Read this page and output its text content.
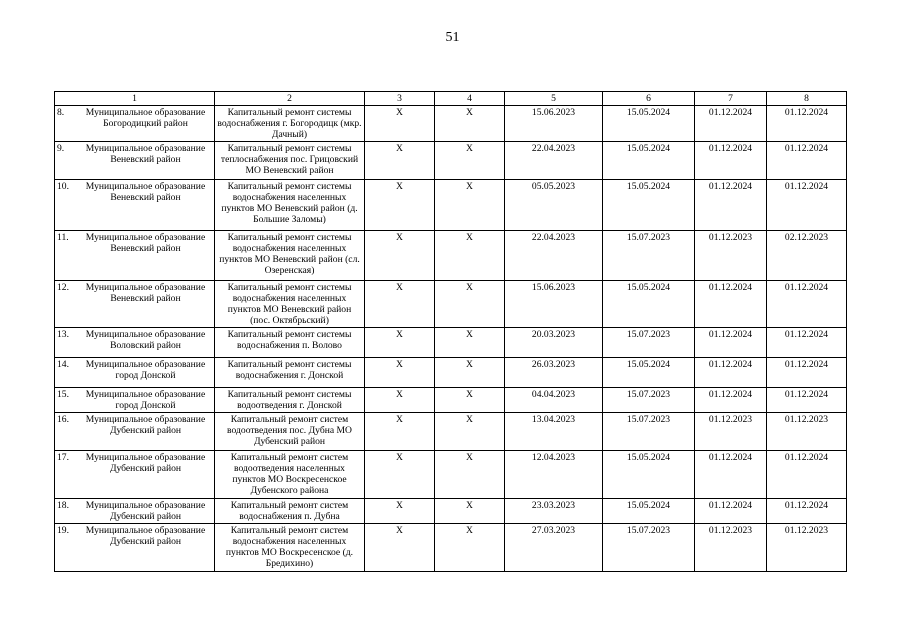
51
1	2	3	4	5	6	7	8

8. Муниципальное образование Богородицкий район	Капитальный ремонт системы водоснабжения г. Богородицк (мкр. Дачный)	Х	Х	15.06.2023	15.05.2024	01.12.2024	01.12.2024

9. Муниципальное образование Веневский район	Капитальный ремонт системы теплоснабжения пос. Грицовский МО Веневский район	Х	Х	22.04.2023	15.05.2024	01.12.2024	01.12.2024

10. Муниципальное образование Веневский район	Капитальный ремонт системы водоснабжения населенных пунктов МО Веневский район (д. Большие Заломы)	Х	Х	05.05.2023	15.05.2024	01.12.2024	01.12.2024

11. Муниципальное образование Веневский район	Капитальный ремонт системы водоснабжения населенных пунктов МО Веневский район (сл. Озеренская)	Х	Х	22.04.2023	15.07.2023	01.12.2023	02.12.2023

12. Муниципальное образование Веневский район	Капитальный ремонт системы водоснабжения населенных пунктов МО Веневский район (пос. Октябрьский)	Х	Х	15.06.2023	15.05.2024	01.12.2024	01.12.2024

13. Муниципальное образование Воловский район	Капитальный ремонт системы водоснабжения п. Волово	Х	Х	20.03.2023	15.07.2023	01.12.2024	01.12.2024

14. Муниципальное образование город Донской	Капитальный ремонт системы водоснабжения г. Донской	Х	Х	26.03.2023	15.05.2024	01.12.2024	01.12.2024

15. Муниципальное образование город Донской	Капитальный ремонт системы водоотведения г. Донской	Х	Х	04.04.2023	15.07.2023	01.12.2024	01.12.2024

16. Муниципальное образование Дубенский район	Капитальный ремонт систем водоотведения пос. Дубна МО Дубенский район	Х	Х	13.04.2023	15.07.2023	01.12.2023	01.12.2023

17. Муниципальное образование Дубенский район	Капитальный ремонт систем водоотведения населенных пунктов МО Воскресенское Дубенского района	Х	Х	12.04.2023	15.05.2024	01.12.2024	01.12.2024

18. Муниципальное образование Дубенский район	Капитальный ремонт систем водоснабжения п. Дубна	Х	Х	23.03.2023	15.05.2024	01.12.2024	01.12.2024

19. Муниципальное образование Дубенский район	Капитальный ремонт систем водоснабжения населенных пунктов МО Воскресенское (д. Бредихино)	Х	Х	27.03.2023	15.07.2023	01.12.2023	01.12.2023
